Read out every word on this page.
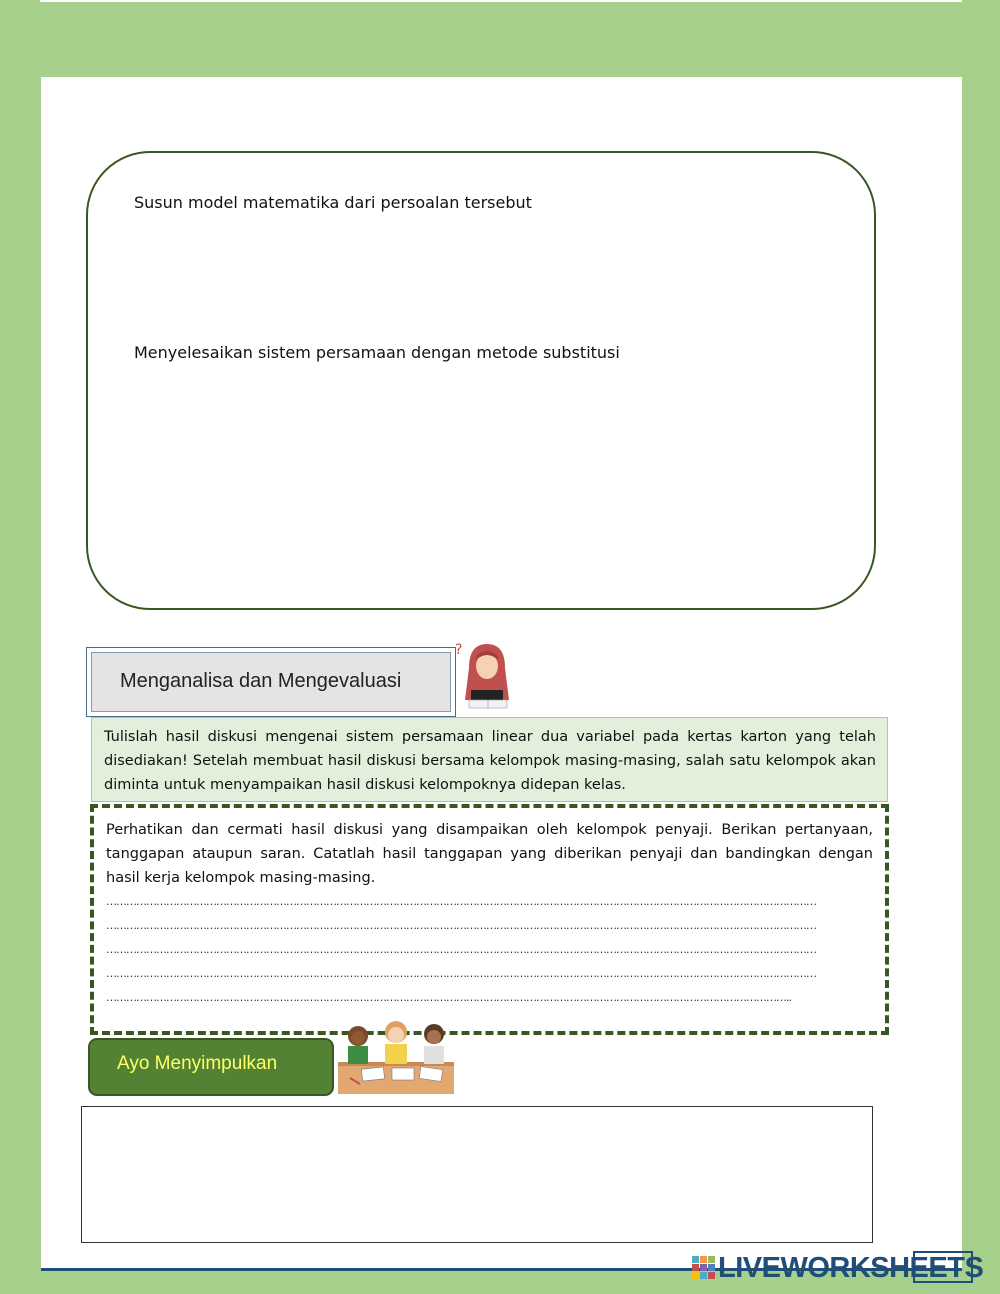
Susun model matematika dari persoalan tersebut
Menyelesaikan sistem persamaan dengan metode substitusi
Menganalisa dan Mengevaluasi
?

Tulislah hasil diskusi mengenai sistem persamaan linear dua variabel pada kertas karton yang telah disediakan! Setelah membuat hasil diskusi bersama kelompok masing-masing, salah satu kelompok akan diminta untuk menyampaikan hasil diskusi kelompoknya didepan kelas.

Perhatikan dan cermati hasil diskusi yang disampaikan oleh kelompok penyaji. Berikan pertanyaan, tanggapan ataupun saran. Catatlah hasil tanggapan yang diberikan penyaji dan bandingkan dengan hasil kerja kelompok masing-masing.

……………………………………………………………………………………………………………………………………………………………………………………………
……………………………………………………………………………………………………………………………………………………………………………………………
……………………………………………………………………………………………………………………………………………………………………………………………
……………………………………………………………………………………………………………………………………………………………………………………………
……………………………………………………………………………………………………………………………………………………………………………………..
Ayo Menyimpulkan
LIVEWORKSHEETS
